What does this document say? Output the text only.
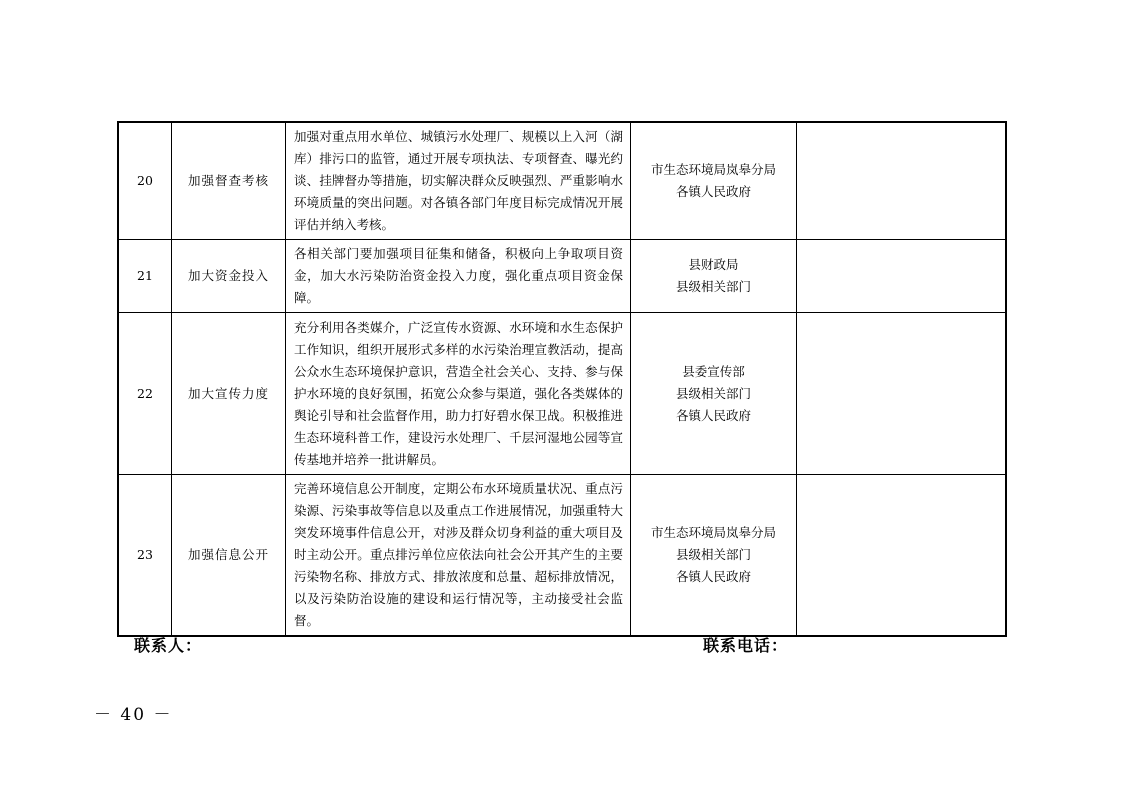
20	加强督查考核	加强对重点用水单位、城镇污水处理厂、规模以上入河（湖库）排污口的监管，通过开展专项执法、专项督查、曝光约谈、挂牌督办等措施，切实解决群众反映强烈、严重影响水环境质量的突出问题。对各镇各部门年度目标完成情况开展评估并纳入考核。	市生态环境局岚皋分局
各镇人民政府	

21	加大资金投入	各相关部门要加强项目征集和储备，积极向上争取项目资金，加大水污染防治资金投入力度，强化重点项目资金保障。	县财政局
县级相关部门	

22	加大宣传力度	充分利用各类媒介，广泛宣传水资源、水环境和水生态保护工作知识，组织开展形式多样的水污染治理宣教活动，提高公众水生态环境保护意识，营造全社会关心、支持、参与保护水环境的良好氛围，拓宽公众参与渠道，强化各类媒体的舆论引导和社会监督作用，助力打好碧水保卫战。积极推进生态环境科普工作，建设污水处理厂、千层河湿地公园等宣传基地并培养一批讲解员。	县委宣传部
县级相关部门
各镇人民政府	

23	加强信息公开	完善环境信息公开制度，定期公布水环境质量状况、重点污染源、污染事故等信息以及重点工作进展情况，加强重特大突发环境事件信息公开，对涉及群众切身利益的重大项目及时主动公开。重点排污单位应依法向社会公开其产生的主要污染物名称、排放方式、排放浓度和总量、超标排放情况，以及污染防治设施的建设和运行情况等，主动接受社会监督。	市生态环境局岚皋分局
县级相关部门
各镇人民政府	

联系人：	联系电话：
－ 40 －
